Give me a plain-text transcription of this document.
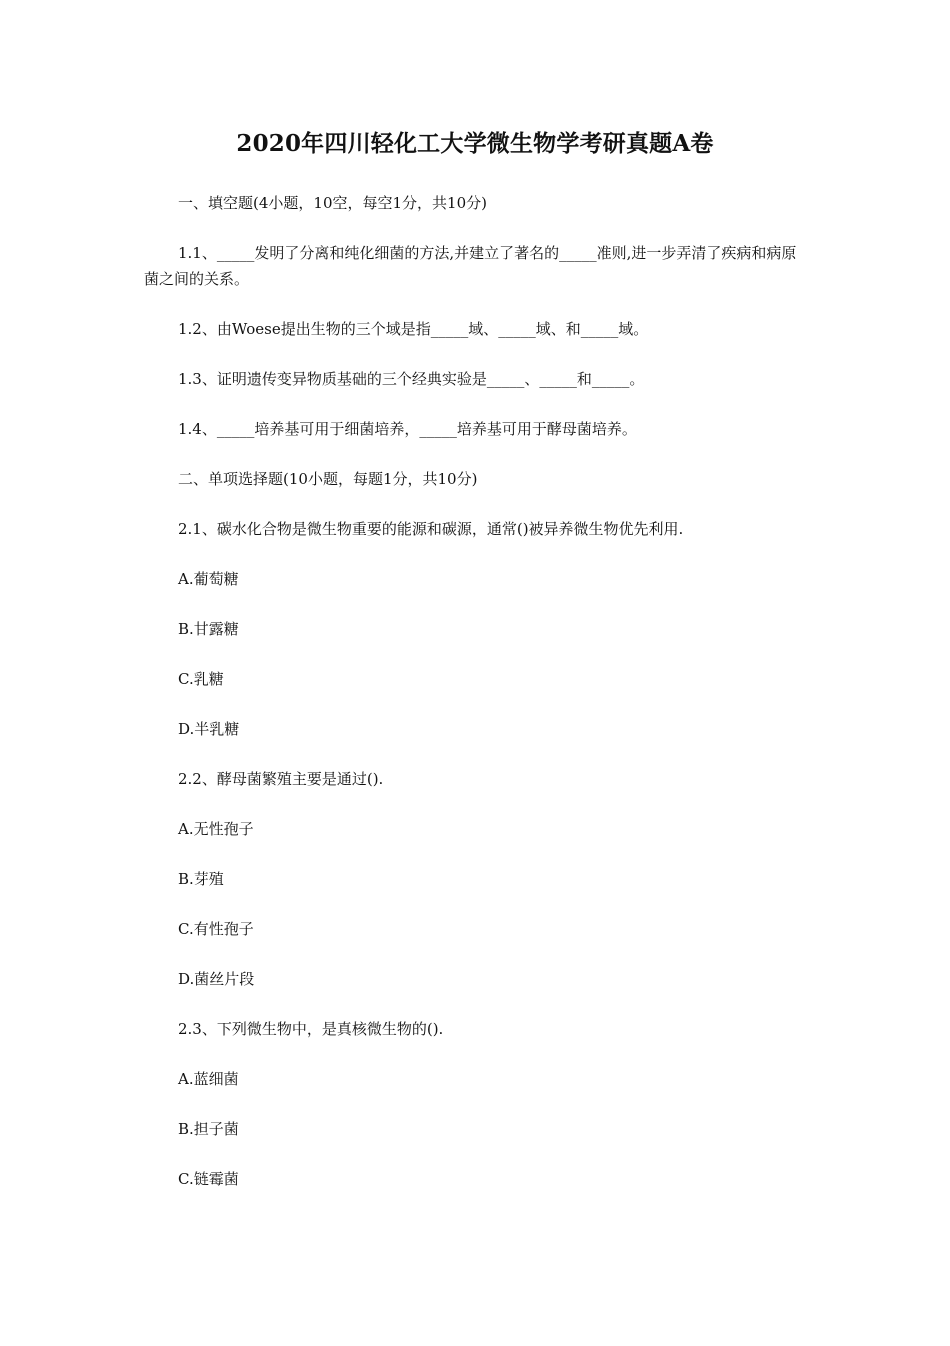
2020年四川轻化工大学微生物学考研真题A卷
一、填空题(4小题，10空，每空1分，共10分)
1.1、_____发明了分离和纯化细菌的方法,并建立了著名的_____准则,进一步弄清了疾病和病原菌之间的关系。
1.2、由Woese提出生物的三个域是指_____域、_____域、和_____域。
1.3、证明遗传变异物质基础的三个经典实验是_____、_____和_____。
1.4、_____培养基可用于细菌培养，_____培养基可用于酵母菌培养。
二、单项选择题(10小题，每题1分，共10分)
2.1、碳水化合物是微生物重要的能源和碳源，通常()被异养微生物优先利用.
A.葡萄糖
B.甘露糖
C.乳糖
D.半乳糖
2.2、酵母菌繁殖主要是通过().
A.无性孢子
B.芽殖
C.有性孢子
D.菌丝片段
2.3、下列微生物中，是真核微生物的().
A.蓝细菌
B.担子菌
C.链霉菌
